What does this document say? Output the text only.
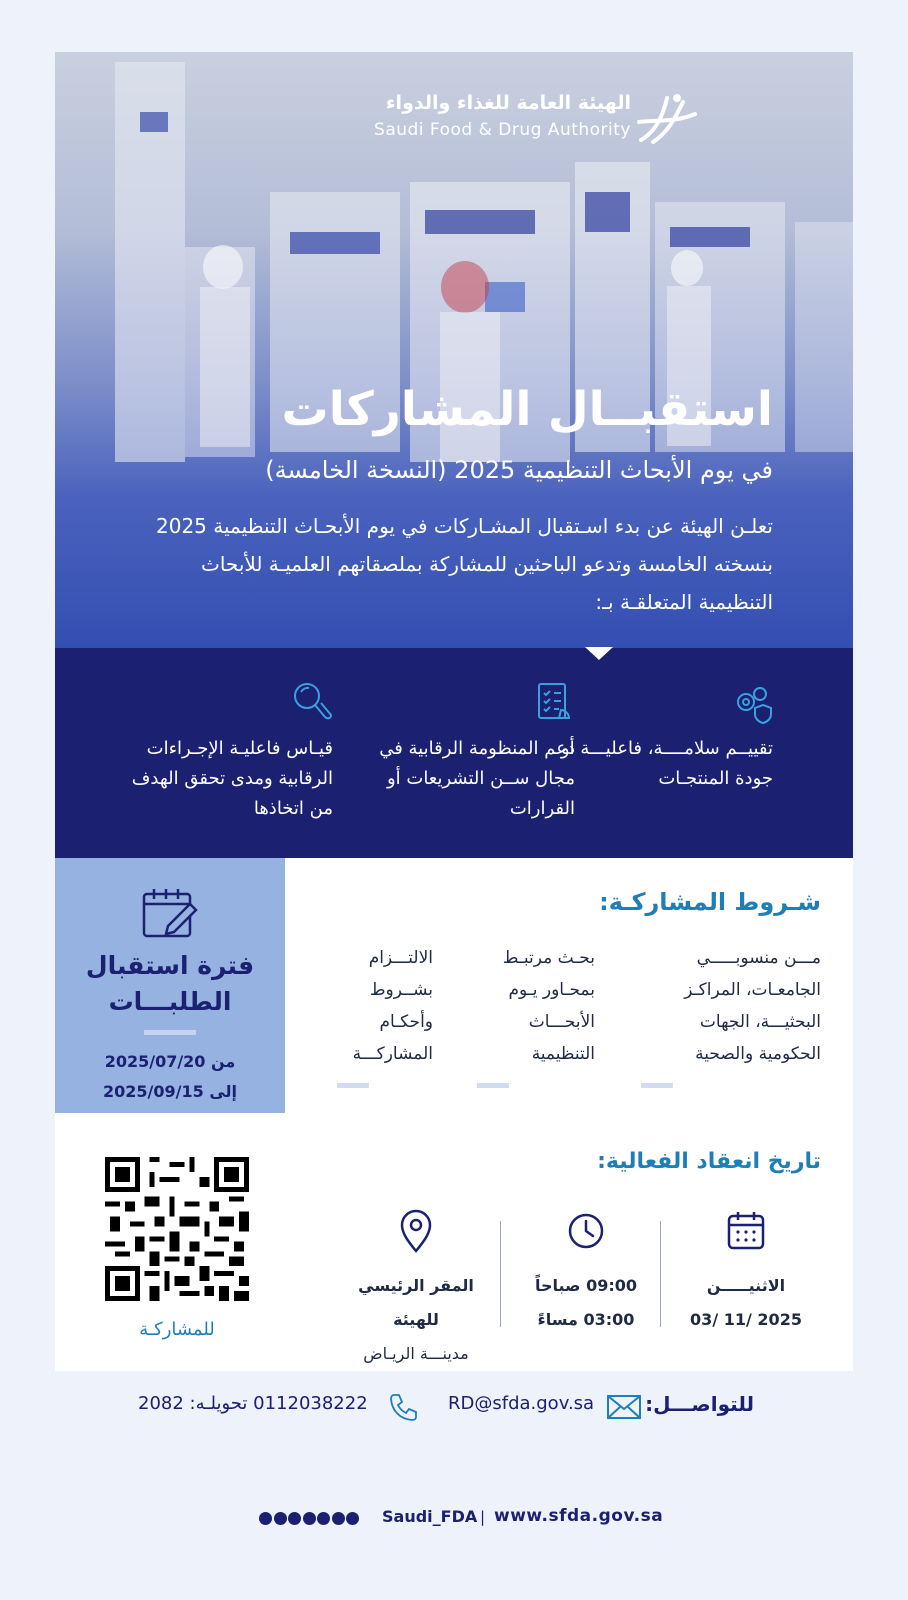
الهيئة العامة للغذاء والدواء
Saudi Food & Drug Authority
استقبــال المشاركات
في يوم الأبحاث التنظيمية 2025 (النسخة الخامسة)
تعلـن الهيئة عن بدء اسـتقبال المشـاركات في يوم الأبحـاث التنظيمية 2025 بنسخته الخامسة وتدعو الباحثين للمشاركة بملصقاتهم العلميـة للأبحاث التنظيمية المتعلقـة بـ:

تقييــم سلامــــة، فاعليـــة أو جودة المنتجـات

دعم المنظومة الرقابية في مجال ســن التشريعات أو القرارات

قيـاس فاعليـة الإجـراءات الرقابية ومدى تحقق الهدف من اتخاذها

فترة استقبال الطلبـــات
من 2025/07/20
إلى 2025/09/15
شـروط المشاركـة:
مـــن منسوبـــــي الجامعـات، المراكـز البحثيـــة، الجهات الحكومية والصحية
بحـث مرتبـط بمحـاور يـوم الأبحـــاث التنظيمية
الالتـــزام بشــروط وأحكـام المشاركـــة
تاريخ انعقاد الفعالية:
الاثنيـــــن
2025 /11 /03
09:00 صباحاً
03:00 مساءً
المقر الرئيسي للهيئة
مدينـــة الريـاض
للمشاركـة
للتواصـــل:
RD@sfda.gov.sa
0112038222 تحويلـه: 2082
Saudi_FDA | www.sfda.gov.sa
